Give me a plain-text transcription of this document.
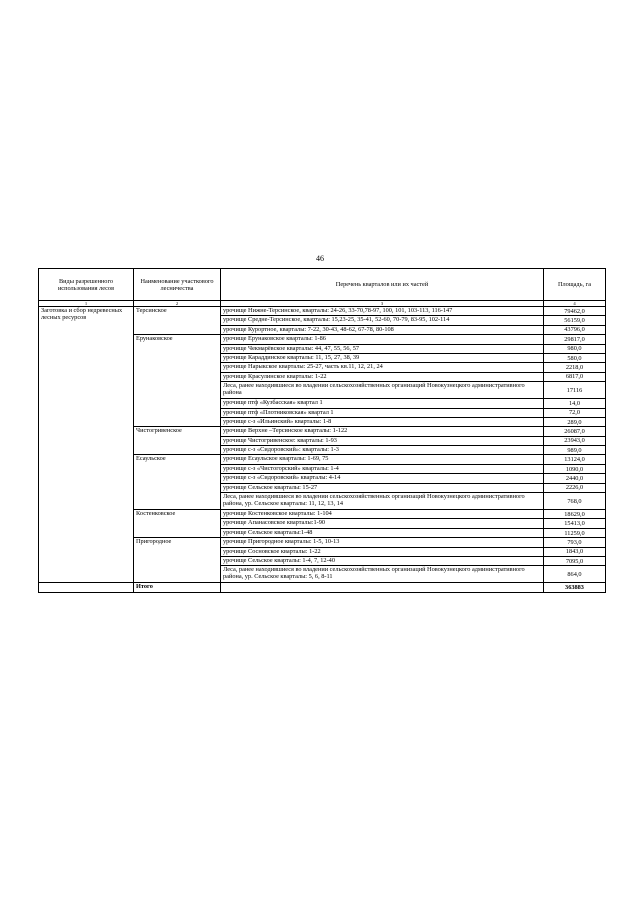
46
Виды разрешенного использования лесов	Наименование участкового лесничества	Перечень кварталов или их частей	Площадь, га
1	2	3	4
Заготовка и сбор недревесных лесных ресурсов	Терсинское	урочище Нижне-Терсинское, кварталы: 24-26, 33-70,78-97, 100, 101, 103-113, 116-147	79462,0
		урочище Средне-Терсинское, кварталы: 15,23-25, 35-41, 52-60, 70-79, 83-95, 102-114	56159,0
		урочище Курортное, кварталы: 7-22, 30-43, 48-62, 67-78, 80-108	43796,0
	Ерунаковское	урочище Ерунаковское кварталы: 1-86	29817,0
		урочище Чекмарёвское кварталы: 44, 47, 55, 56, 57	980,0
		урочище Караддинское кварталы: 11, 15, 27, 38, 39	580,0
		урочище Нарыкское кварталы: 25-27, часть кв.11, 12, 21, 24	2218,0
		урочище Красулинское кварталы: 1-22	6817,0
		Леса, ранее находившиеся во владении сельскохозяйственных организаций Новокузнецкого административного района	17116
		урочище птф «Кузбасская» квартал 1	14,0
		урочище птф «Плотниковская» квартал 1	72,0
		урочище с-з «Ильинский» кварталы: 1-8	289,0
	Чистогривенское	урочище Верхне –Терсинское кварталы: 1-122	26087,0
		урочище Чистогривенское: кварталы: 1-93	23943,0
		урочище с-з «Сидоровский»: кварталы: 1-3	989,0
	Есаульское	урочище Есаульское кварталы: 1-69, 75	13124,0
		урочище с-з «Чистогорский» кварталы: 1-4	1090,0
		урочище с-з «Сидоровский» кварталы: 4-14	2440,0
		урочище Сельское кварталы: 15-27	2226,0
		Леса, ранее находившиеся во владении сельскохозяйственных организаций Новокузнецкого административного района, ур. Сельское кварталы: 11, 12, 13, 14	768,0
	Костенковское	урочище Костенковское кварталы: 1-104	18629,0
		урочище Апанасовское кварталы:1-90	15413,0
		урочище Сельское кварталы:1-48	11259,0
	Пригородное	урочище Пригородное кварталы: 1-5, 10-13	793,0
		урочище Сосновское кварталы: 1-22	1843,0
		урочище Сельское кварталы: 1-4, 7, 12-40	7095,0
		Леса, ранее находившиеся во владении сельскохозяйственных организаций Новокузнецкого административного района, ур. Сельское кварталы: 5, 6, 8-11	864,0
	Итого		363883
